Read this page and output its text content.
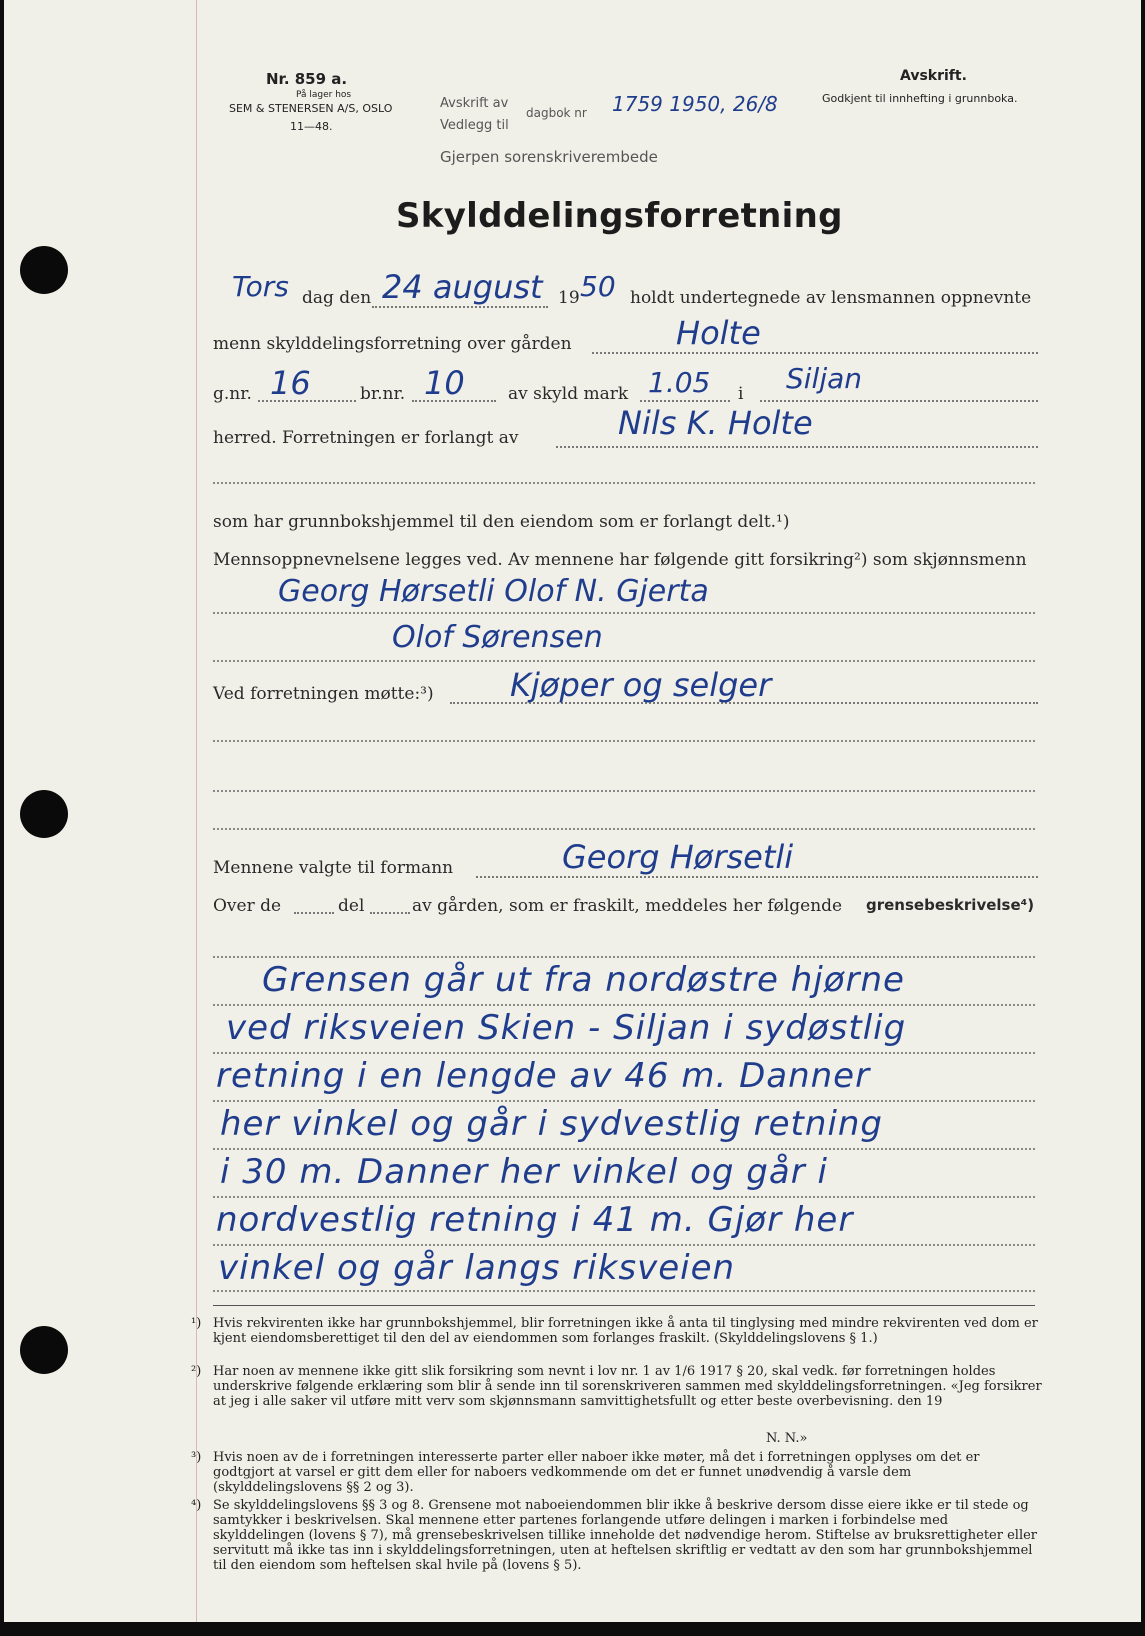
Nr. 859 a.
På lager hos
SEM & STENERSEN A/S, OSLO
11—48.
Avskrift av
dagbok nr 1759 1950, 26/8
Vedlegg til
Gjerpen sorenskriverembede
Avskrift.
Godkjent til innhefting i grunnboka.
Skylddelingsforretning
Tors dag den 24 august 19 50 holdt undertegnede av lensmannen oppnevnte
menn skylddelingsforretning over gården	Holte
g.nr. 16	br.nr. 10	av skyld mark 1.05 i Siljan
herred. Forretningen er forlangt av	Nils K. Holte
som har grunnbokshjemmel til den eiendom som er forlangt delt.¹)
Mennsoppnevnelsene legges ved. Av mennene har følgende gitt forsikring²) som skjønnsmenn
Georg Hørsetli Olof N. Gjerta
Olof Sørensen
Ved forretningen møtte:³) Kjøper og selger
Mennene valgte til formann	Georg Hørsetli
Over de	del	av gården, som er fraskilt, meddeles her følgende grensebeskrivelse⁴)
Grensen går ut fra nordøstre hjørne
ved riksveien Skien - Siljan i sydøstlig
retning i en lengde av 46 m. Danner
her vinkel og går i sydvestlig retning
i 30 m. Danner her vinkel og går i
nordvestlig retning i 41 m. Gjør her
vinkel og går langs riksveien
¹) Hvis rekvirenten ikke har grunnbokshjemmel, blir forretningen ikke å anta til tinglysing med mindre rekvirenten ved dom er kjent eiendomsberettiget til den del av eiendommen som forlanges fraskilt. (Skylddelingslovens § 1.)
²) Har noen av mennene ikke gitt slik forsikring som nevnt i lov nr. 1 av 1/6 1917 § 20, skal vedk. før forretningen holdes underskrive følgende erklæring som blir å sende inn til sorenskriveren sammen med skylddelingsforretningen. «Jeg forsikrer at jeg i alle saker vil utføre mitt verv som skjønnsmann samvittighetsfullt og etter beste overbevisning. den 19
N. N.»
³) Hvis noen av de i forretningen interesserte parter eller naboer ikke møter, må det i forretningen opplyses om det er godtgjort at varsel er gitt dem eller for naboers vedkommende om det er funnet unødvendig å varsle dem (skylddelingslovens §§ 2 og 3).
⁴) Se skylddelingslovens §§ 3 og 8. Grensene mot naboeiendommen blir ikke å beskrive dersom disse eiere ikke er til stede og samtykker i beskrivelsen. Skal mennene etter partenes forlangende utføre delingen i marken i forbindelse med skylddelingen (lovens § 7), må grensebeskrivelsen tillike inneholde det nødvendige herom. Stiftelse av bruksrettigheter eller servitutt må ikke tas inn i skylddelingsforretningen, uten at heftelsen skriftlig er vedtatt av den som har grunnbokshjemmel til den eiendom som heftelsen skal hvile på (lovens § 5).
